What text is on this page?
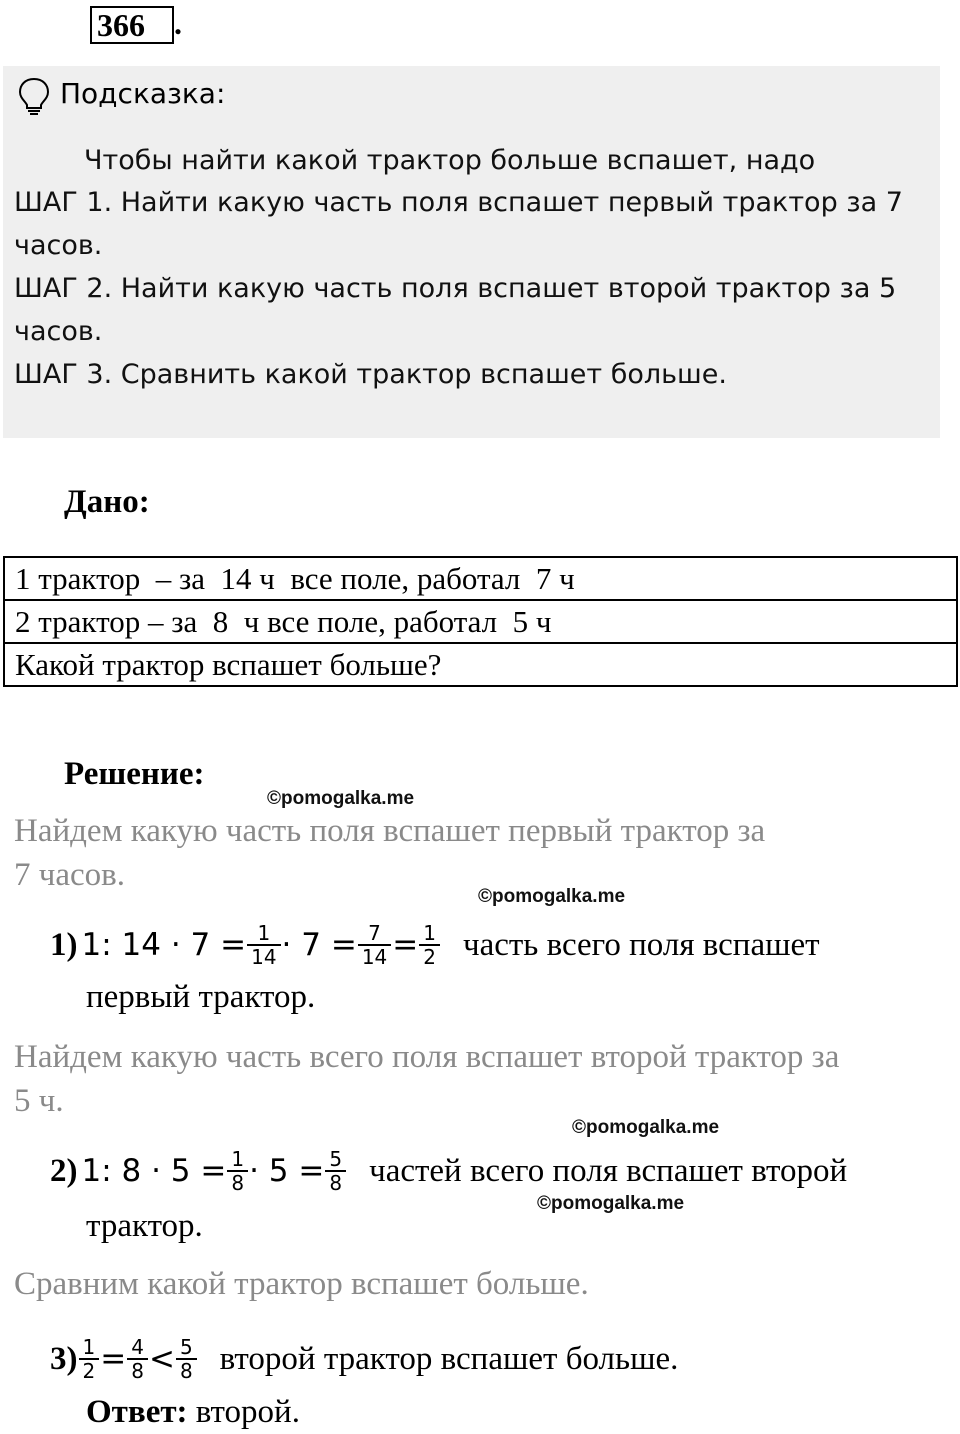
366 .
Подсказка:
Чтобы найти какой трактор больше вспашет, надо
ШАГ 1. Найти какую часть поля вспашет первый трактор за 7
часов.
ШАГ 2. Найти какую часть поля вспашет второй трактор за 5
часов.
ШАГ 3. Сравнить какой трактор вспашет больше.
Дано:
1 трактор  – за  14 ч  все поле, работал  7 ч
2 трактор – за  8  ч все поле, работал  5 ч
Какой трактор вспашет больше?
Решение:
©pomogalka.me
Найдем какую часть поля вспашет первый трактор за
7 часов.
©pomogalka.me
1) 1: $14 \cdot 7 = \frac{1}{14} \cdot 7 = \frac{7}{14} = \frac{1}{2}$ часть всего поля вспашет
первый трактор.
Найдем какую часть всего поля вспашет второй трактор за
5 ч.
©pomogalka.me
2) 1: $8 \cdot 5 = \frac{1}{8} \cdot 5 = \frac{5}{8}$ частей всего поля вспашет второй
©pomogalka.me
трактор.
Сравним какой трактор вспашет больше.
$3) \frac{1}{2} = \frac{4}{8} < \frac{5}{8}$ второй трактор вспашет больше.
Ответ: второй.
